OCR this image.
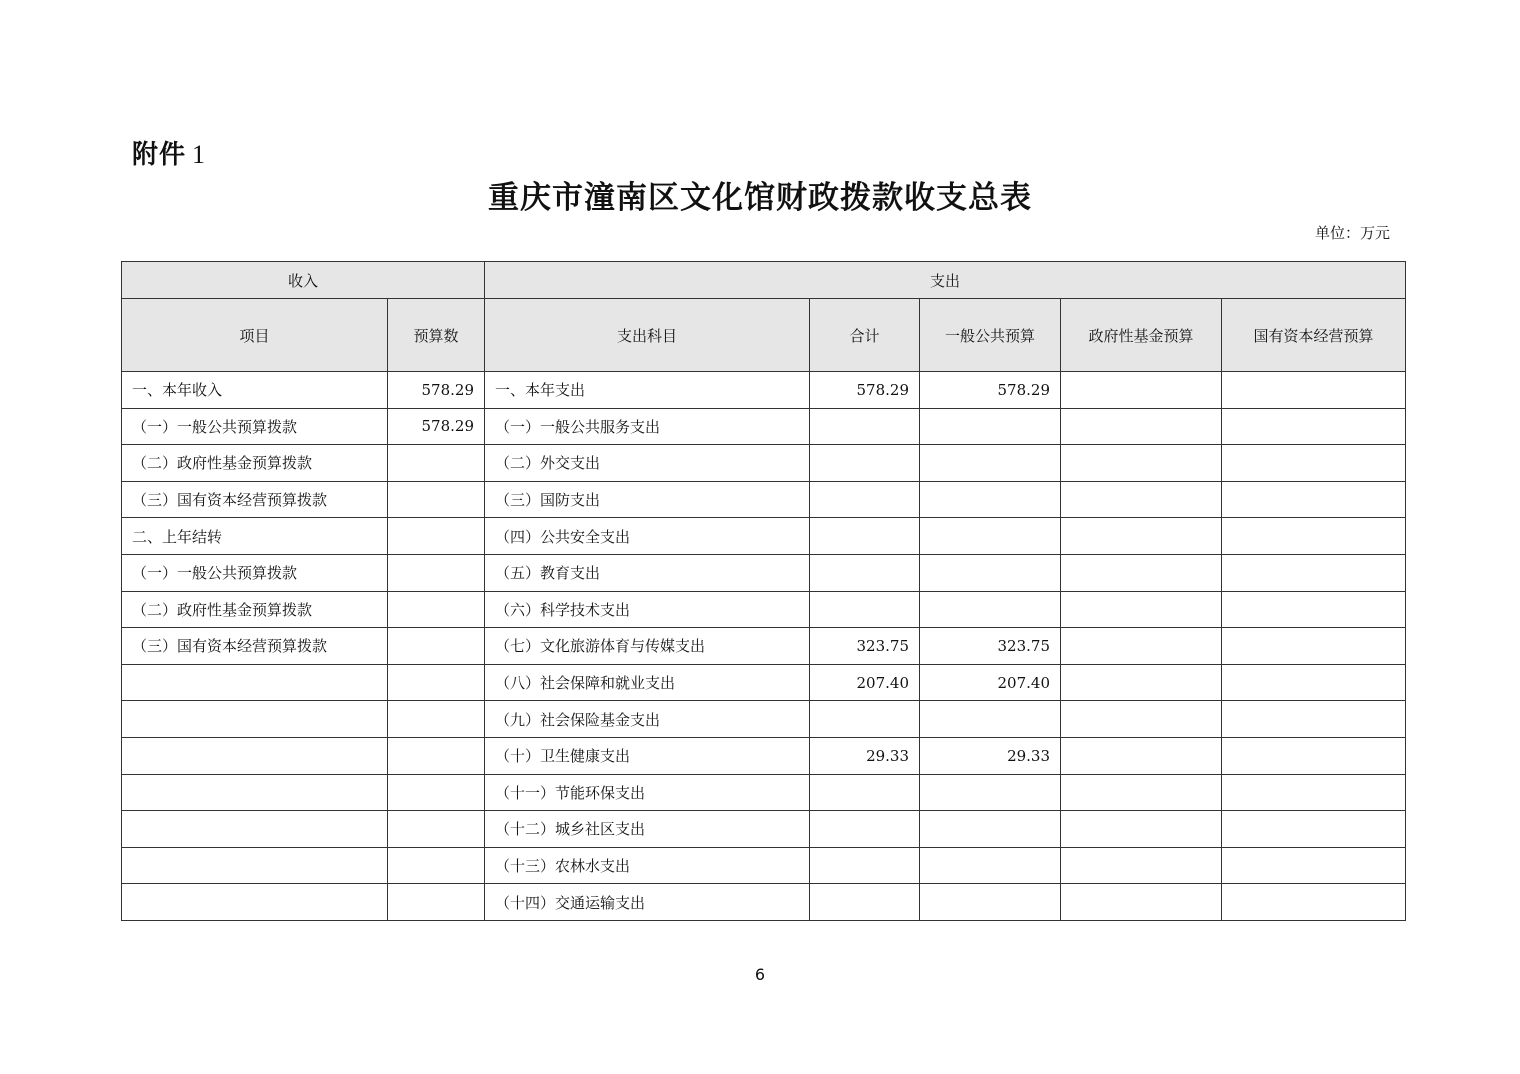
附件 1
重庆市潼南区文化馆财政拨款收支总表
单位：万元
收入		支出				
项目	预算数	支出科目	合计	一般公共预算	政府性基金预算	国有资本经营预算
一、本年收入	578.29	一、本年支出	578.29	578.29		
（一）一般公共预算拨款	578.29	（一）一般公共服务支出				
（二）政府性基金预算拨款		（二）外交支出				
（三）国有资本经营预算拨款		（三）国防支出				
二、上年结转		（四）公共安全支出				
（一）一般公共预算拨款		（五）教育支出				
（二）政府性基金预算拨款		（六）科学技术支出				
（三）国有资本经营预算拨款		（七）文化旅游体育与传媒支出	323.75	323.75		
		（八）社会保障和就业支出	207.40	207.40		
		（九）社会保险基金支出				
		（十）卫生健康支出	29.33	29.33		
		（十一）节能环保支出				
		（十二）城乡社区支出				
		（十三）农林水支出				
		（十四）交通运输支出				
6
